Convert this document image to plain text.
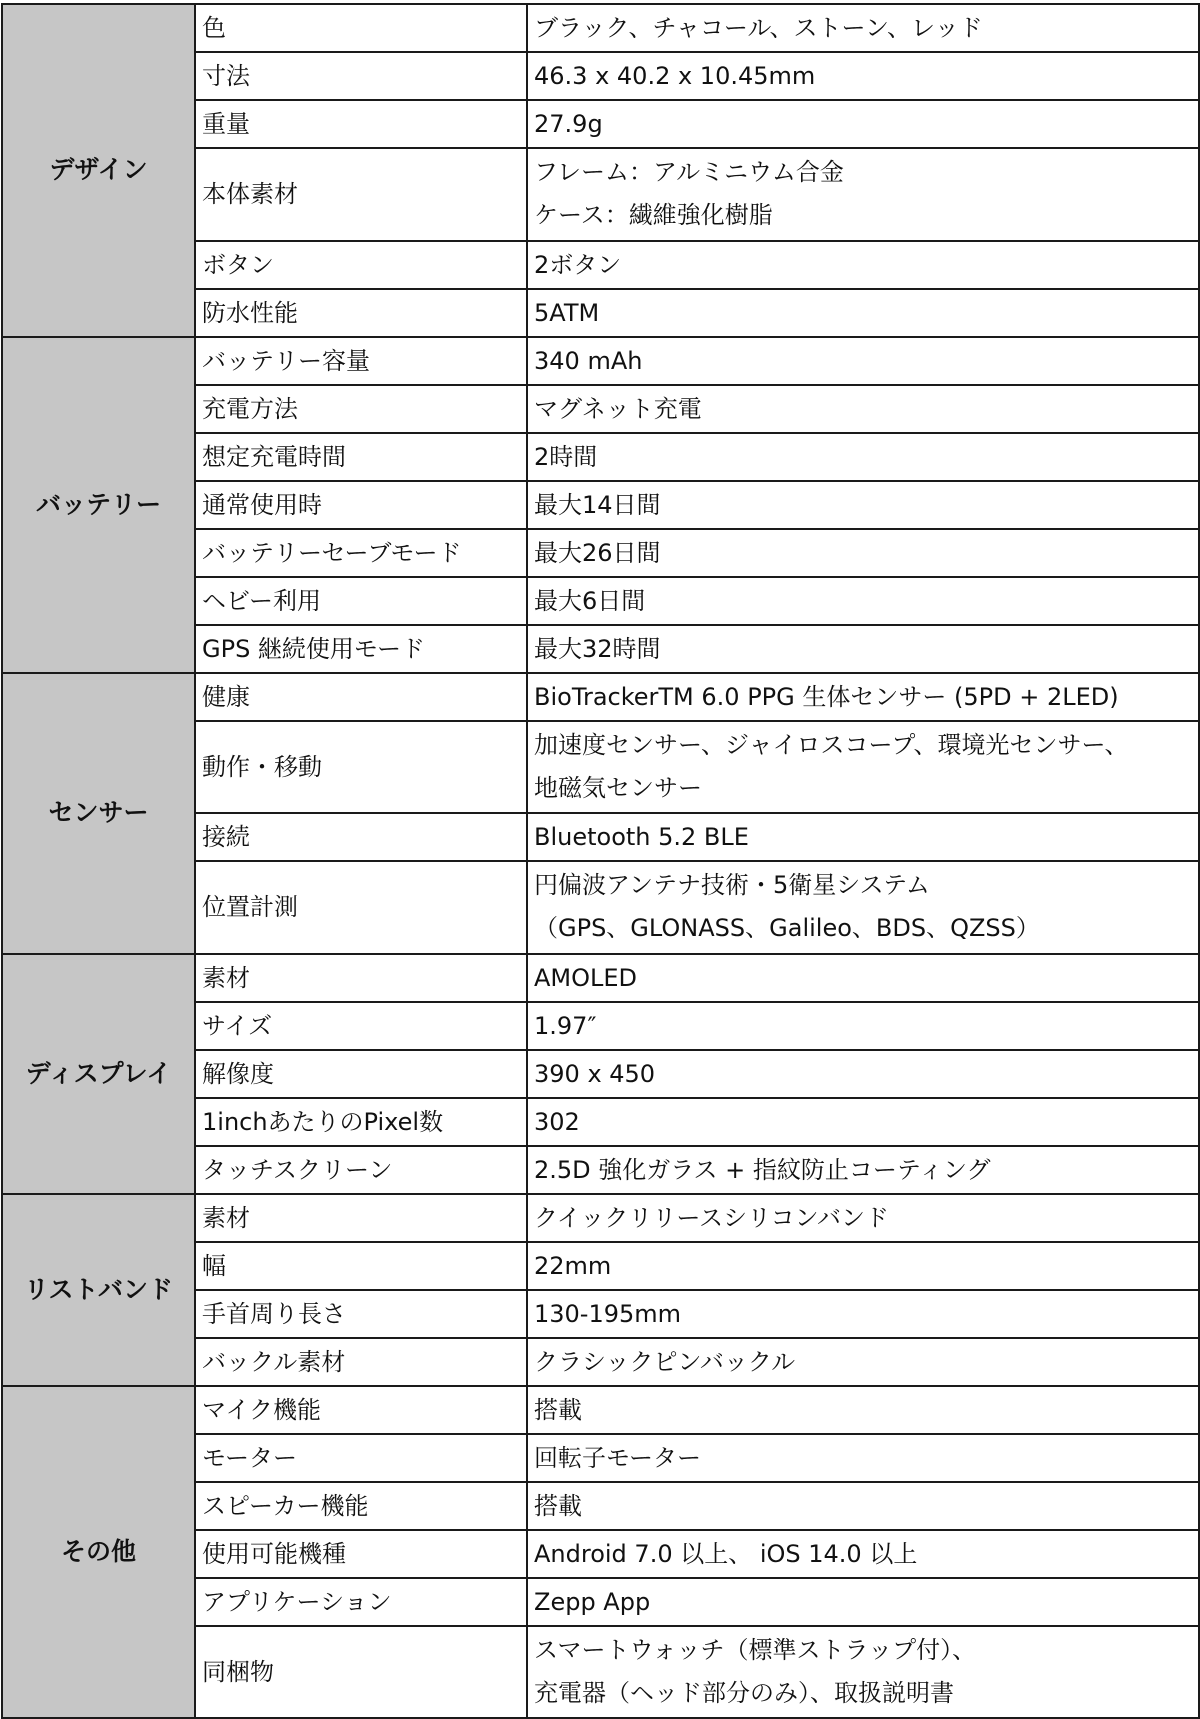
デザイン	色	ブラック、チャコール、ストーン、レッド
	寸法	46.3 x 40.2 x 10.45mm
	重量	27.9g
	本体素材	フレーム：アルミニウム合金
ケース：繊維強化樹脂

	ボタン	2ボタン
	防水性能	5ATM
バッテリー	バッテリー容量	340 mAh
	充電方法	マグネット充電
	想定充電時間	2時間
	通常使用時	最大14日間
	バッテリーセーブモード	最大26日間
	ヘビー利用	最大6日間
	GPS 継続使用モード	最大32時間
センサー	健康	BioTrackerTM 6.0 PPG 生体センサー (5PD + 2LED)
	動作・移動	加速度センサー、ジャイロスコープ、環境光センサー、
地磁気センサー

	接続	Bluetooth 5.2 BLE
	位置計測	円偏波アンテナ技術・5衛星システム
（GPS、GLONASS、Galileo、BDS、QZSS）

ディスプレイ	素材	AMOLED
	サイズ	1.97″
	解像度	390 x 450
	1inchあたりのPixel数	302
	タッチスクリーン	2.5D 強化ガラス + 指紋防止コーティング
リストバンド	素材	クイックリリースシリコンバンド
	幅	22mm
	手首周り長さ	130-195mm
	バックル素材	クラシックピンバックル
その他	マイク機能	搭載
	モーター	回転子モーター
	スピーカー機能	搭載
	使用可能機種	Android 7.0 以上、 iOS 14.0 以上
	アプリケーション	Zepp App
	同梱物	スマートウォッチ（標準ストラップ付）、
充電器（ヘッド部分のみ）、取扱説明書
